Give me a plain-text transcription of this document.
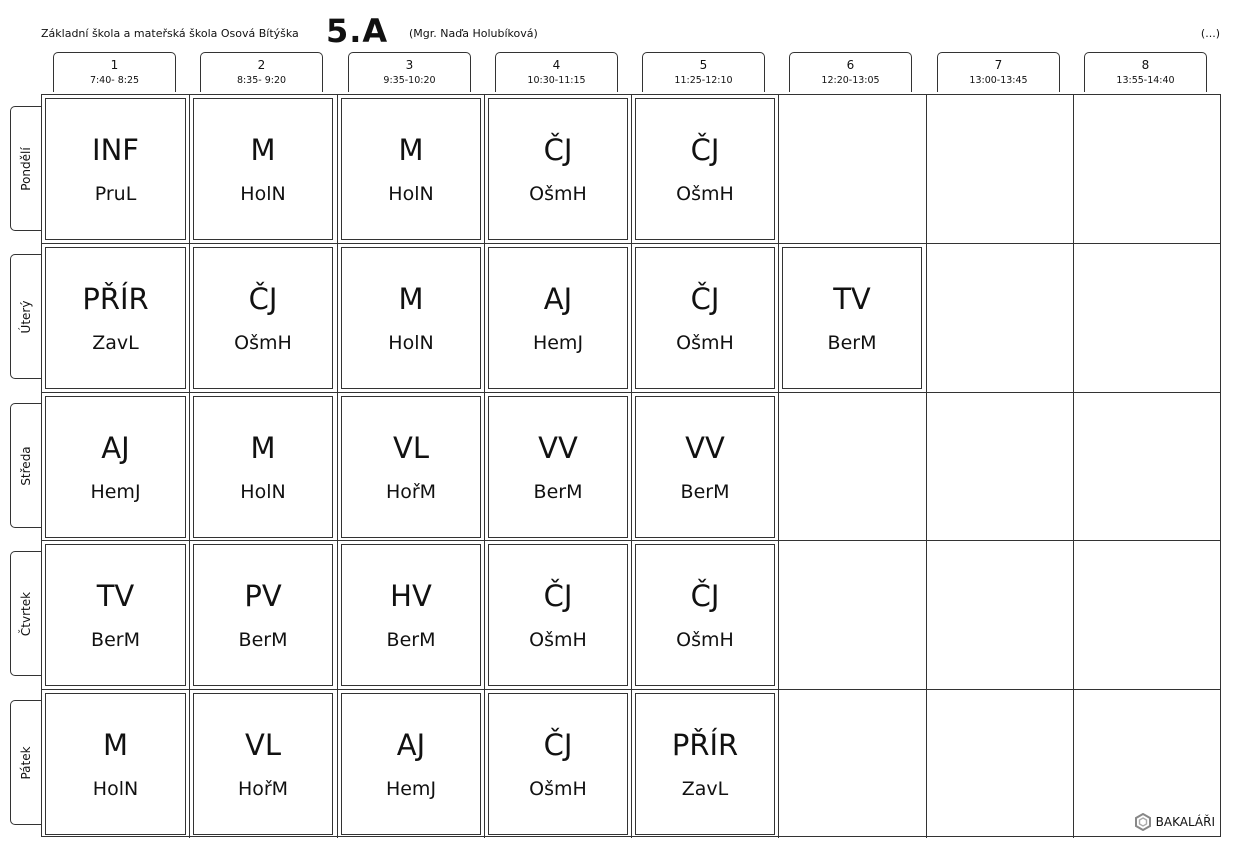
Základní škola a mateřská škola Osová Bítýška 5.A (Mgr. Naďa Holubíková)	(...)
1
7:40- 8:25
2
8:35- 9:20
3
9:35-10:20
4
10:30-11:15
5
11:25-12:10
6
12:20-13:05
7
13:00-13:45
8
13:55-14:40
Pondělí
Úterý
Středa
Čtvrtek
Pátek
INF
PruL
M
HolN
M
HolN
ČJ
OšmH
ČJ
OšmH
PŘÍR
ZavL
ČJ
OšmH
M
HolN
AJ
HemJ
ČJ
OšmH
TV
BerM
AJ
HemJ
M
HolN
VL
HořM
VV
BerM
VV
BerM
TV
BerM
PV
BerM
HV
BerM
ČJ
OšmH
ČJ
OšmH
M
HolN
VL
HořM
AJ
HemJ
ČJ
OšmH
PŘÍR
ZavL
BAKALÁŘI
